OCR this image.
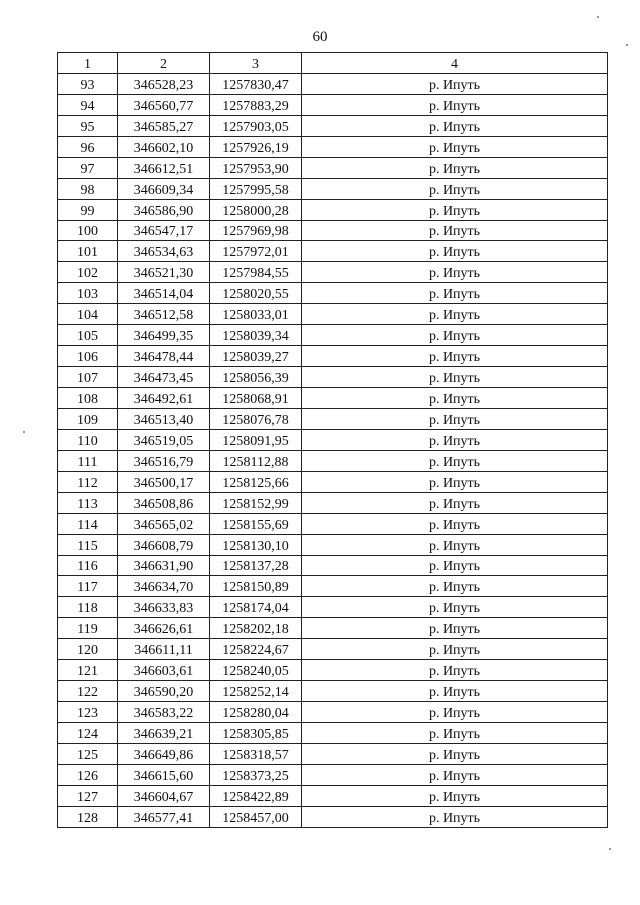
60
1	2	3	4
93	346528,23	1257830,47	р. Ипуть
94	346560,77	1257883,29	р. Ипуть
95	346585,27	1257903,05	р. Ипуть
96	346602,10	1257926,19	р. Ипуть
97	346612,51	1257953,90	р. Ипуть
98	346609,34	1257995,58	р. Ипуть
99	346586,90	1258000,28	р. Ипуть
100	346547,17	1257969,98	р. Ипуть
101	346534,63	1257972,01	р. Ипуть
102	346521,30	1257984,55	р. Ипуть
103	346514,04	1258020,55	р. Ипуть
104	346512,58	1258033,01	р. Ипуть
105	346499,35	1258039,34	р. Ипуть
106	346478,44	1258039,27	р. Ипуть
107	346473,45	1258056,39	р. Ипуть
108	346492,61	1258068,91	р. Ипуть
109	346513,40	1258076,78	р. Ипуть
110	346519,05	1258091,95	р. Ипуть
111	346516,79	1258112,88	р. Ипуть
112	346500,17	1258125,66	р. Ипуть
113	346508,86	1258152,99	р. Ипуть
114	346565,02	1258155,69	р. Ипуть
115	346608,79	1258130,10	р. Ипуть
116	346631,90	1258137,28	р. Ипуть
117	346634,70	1258150,89	р. Ипуть
118	346633,83	1258174,04	р. Ипуть
119	346626,61	1258202,18	р. Ипуть
120	346611,11	1258224,67	р. Ипуть
121	346603,61	1258240,05	р. Ипуть
122	346590,20	1258252,14	р. Ипуть
123	346583,22	1258280,04	р. Ипуть
124	346639,21	1258305,85	р. Ипуть
125	346649,86	1258318,57	р. Ипуть
126	346615,60	1258373,25	р. Ипуть
127	346604,67	1258422,89	р. Ипуть
128	346577,41	1258457,00	р. Ипуть
